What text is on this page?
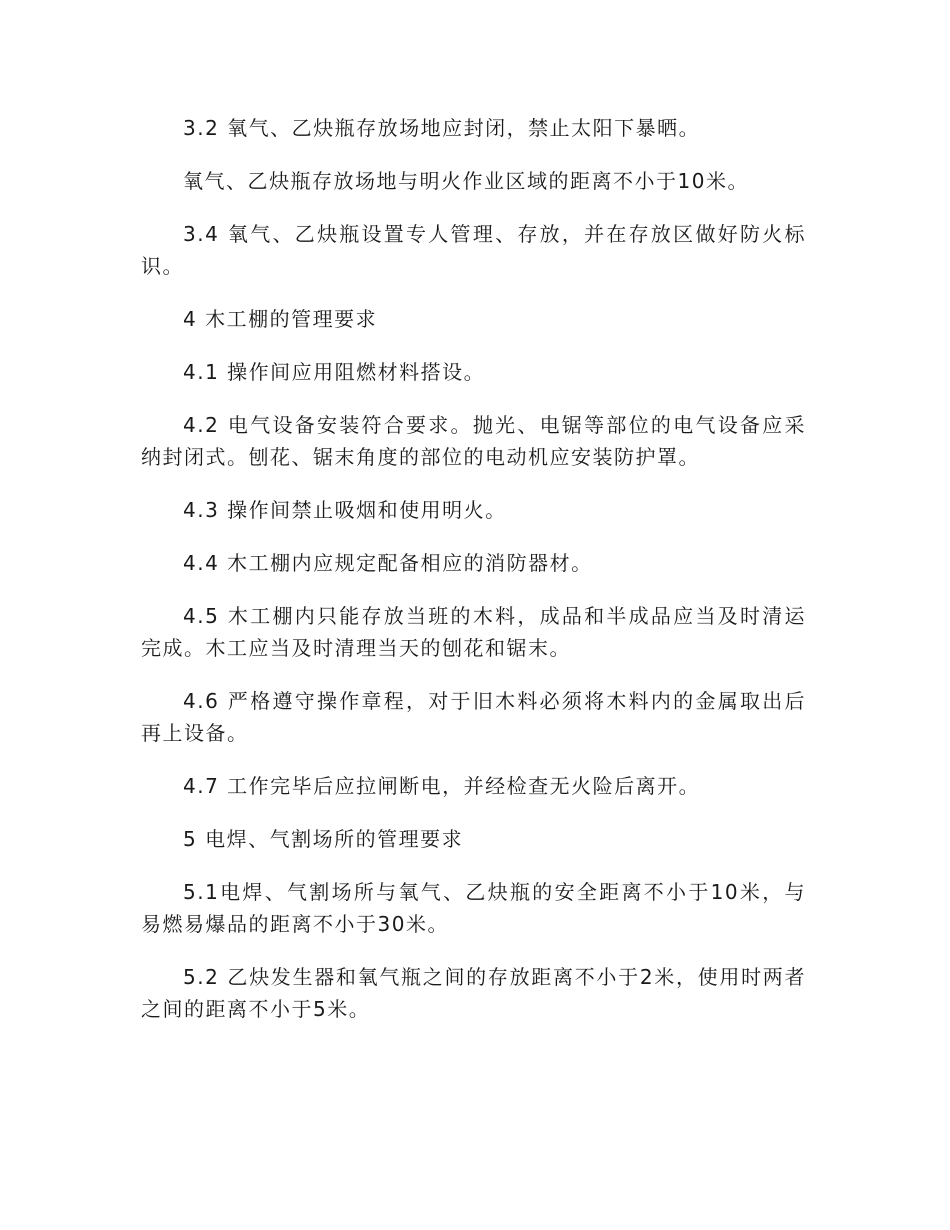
3.2 氧气、乙炔瓶存放场地应封闭，禁止太阳下暴晒。

氧气、乙炔瓶存放场地与明火作业区域的距离不小于10米。

3.4 氧气、乙炔瓶设置专人管理、存放，并在存放区做好防火标识。

4 木工棚的管理要求

4.1 操作间应用阻燃材料搭设。

4.2 电气设备安装符合要求。抛光、电锯等部位的电气设备应采纳封闭式。刨花、锯末角度的部位的电动机应安装防护罩。

4.3 操作间禁止吸烟和使用明火。

4.4 木工棚内应规定配备相应的消防器材。

4.5 木工棚内只能存放当班的木料，成品和半成品应当及时清运完成。木工应当及时清理当天的刨花和锯末。

4.6 严格遵守操作章程，对于旧木料必须将木料内的金属取出后再上设备。

4.7 工作完毕后应拉闸断电，并经检查无火险后离开。

5 电焊、气割场所的管理要求

5.1电焊、气割场所与氧气、乙炔瓶的安全距离不小于10米，与易燃易爆品的距离不小于30米。

5.2 乙炔发生器和氧气瓶之间的存放距离不小于2米，使用时两者之间的距离不小于5米。
